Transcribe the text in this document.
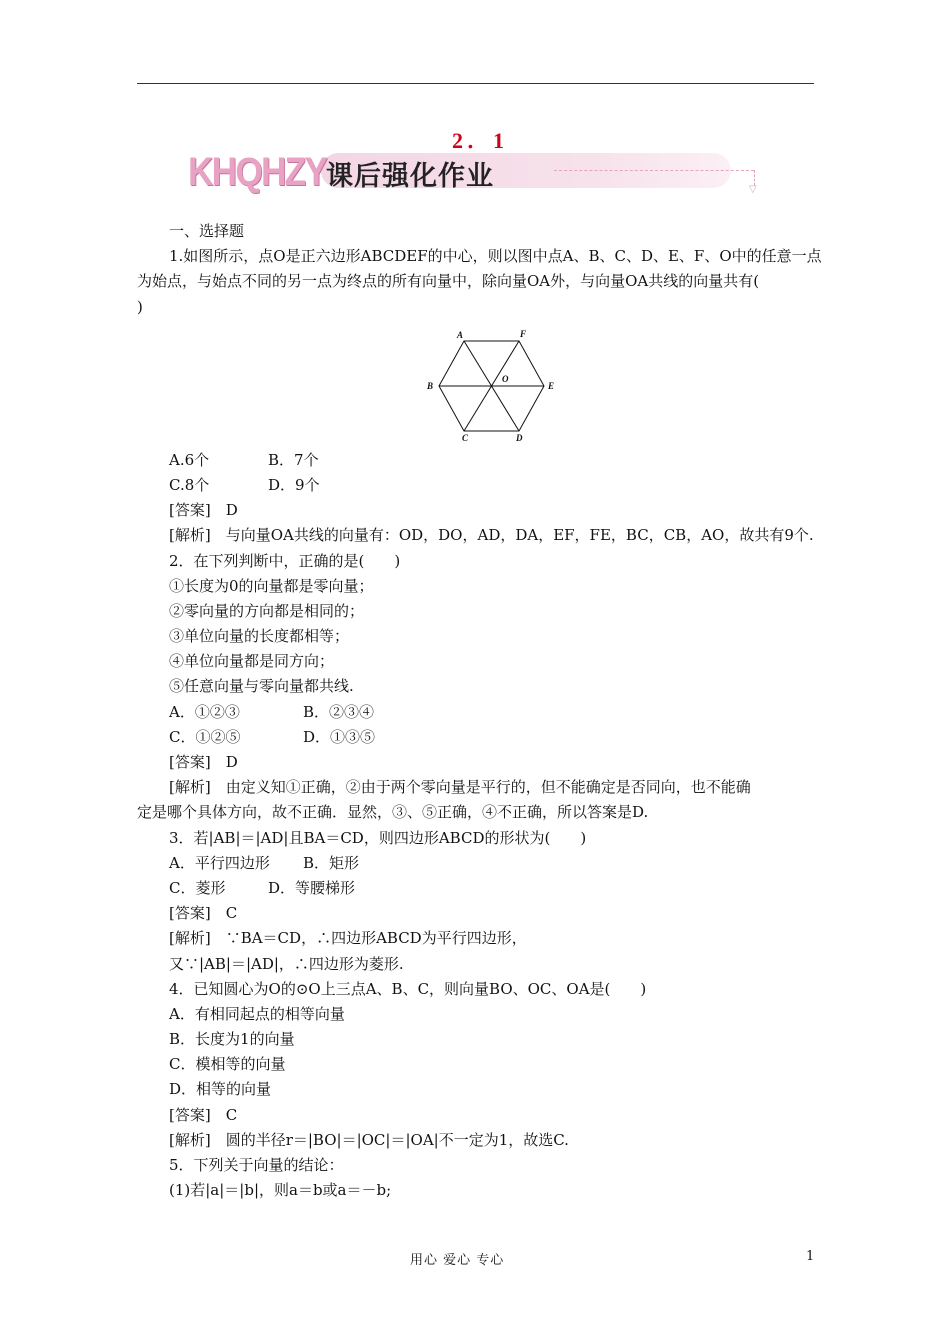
2．1
KHQHZY 课后强化作业	▽
一、选择题
1.如图所示，点O是正六边形ABCDEF的中心，则以图中点A、B、C、D、E、F、O中的任意一点
为始点，与始点不同的另一点为终点的所有向量中，除向量OA外，与向量OA共线的向量共有(
)
A.6个	B．7个
C.8个	D．9个
[答案]　D
[解析]　与向量OA共线的向量有：OD，DO，AD，DA，EF，FE，BC，CB，AO，故共有9个.
2．在下列判断中，正确的是(　　)
①长度为0的向量都是零向量；
②零向量的方向都是相同的；
③单位向量的长度都相等；
④单位向量都是同方向；
⑤任意向量与零向量都共线.
A．①②③	B．②③④
C．①②⑤	D．①③⑤
[答案]　D
[解析]　由定义知①正确，②由于两个零向量是平行的，但不能确定是否同向，也不能确
定是哪个具体方向，故不正确．显然，③、⑤正确，④不正确，所以答案是D.
3．若|AB|＝|AD|且BA＝CD，则四边形ABCD的形状为(　　)
A．平行四边形 B．矩形
C．菱形	D．等腰梯形
[答案]　C
[解析]　∵BA＝CD，∴四边形ABCD为平行四边形，
又∵|AB|＝|AD|，∴四边形为菱形.
4．已知圆心为O的⊙O上三点A、B、C，则向量BO、OC、OA是(　　)
A．有相同起点的相等向量
B．长度为1的向量
C．模相等的向量
D．相等的向量
[答案]　C
[解析]　圆的半径r＝|BO|＝|OC|＝|OA|不一定为1，故选C.
5．下列关于向量的结论：
(1)若|a|＝|b|，则a＝b或a＝－b;
A	F
B	E
O
C	D
用心 爱心 专心	1
